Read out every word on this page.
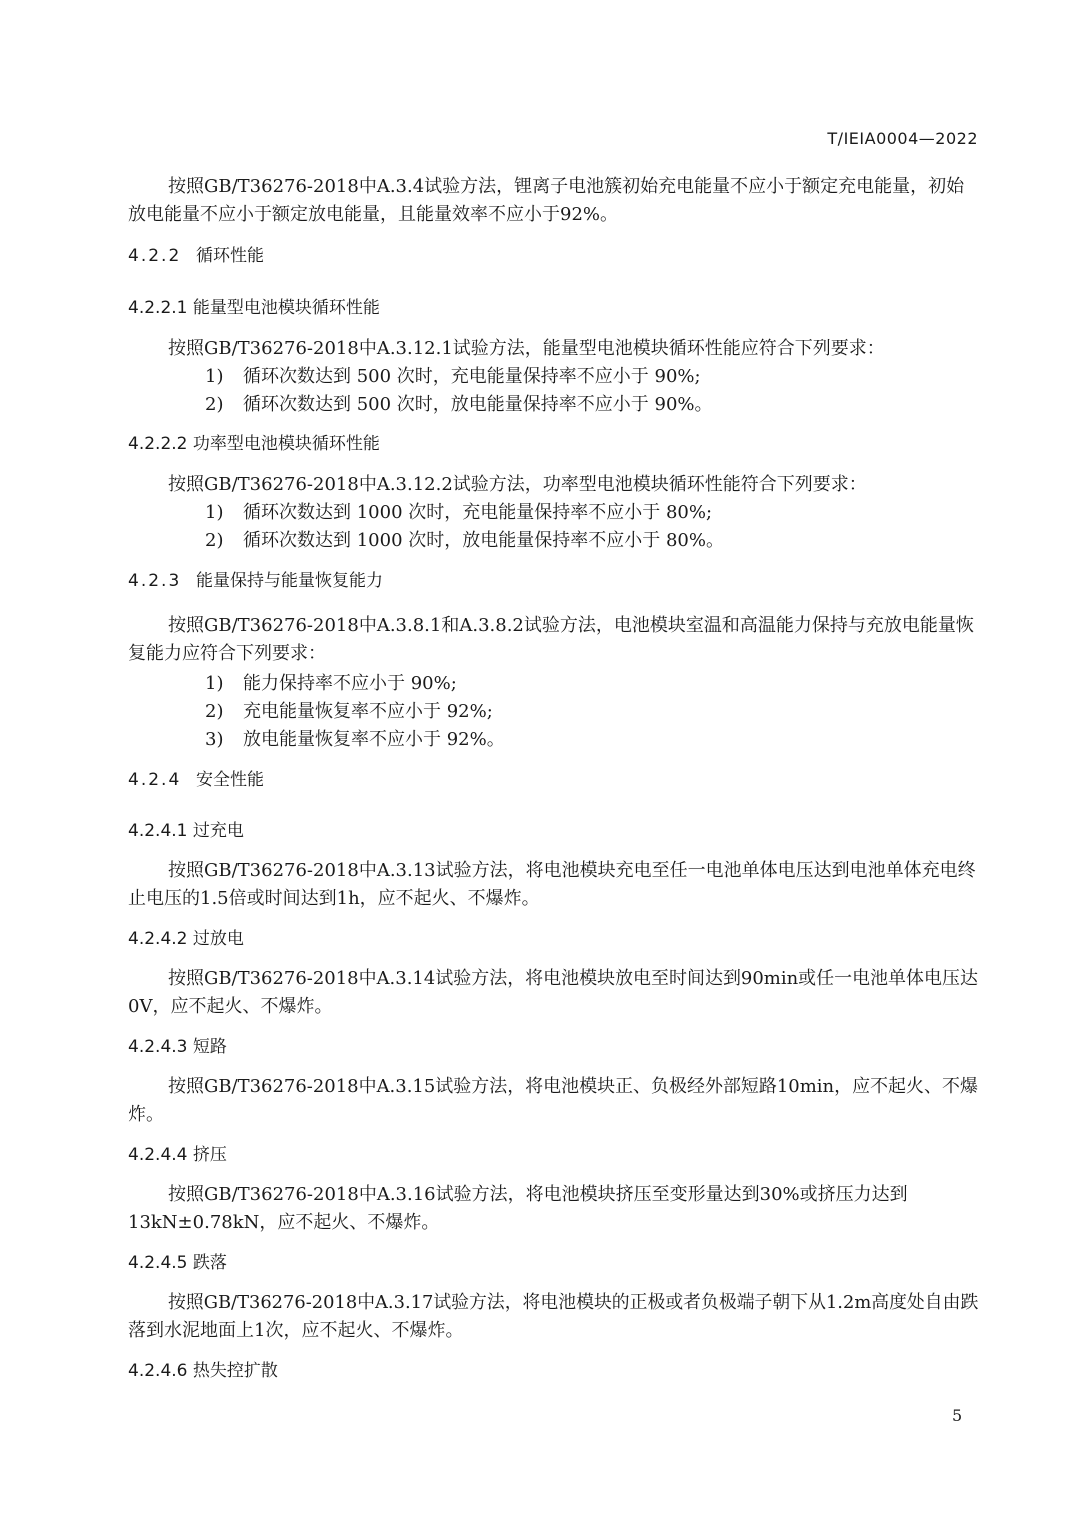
T/IEIA0004—2022
按照GB/T36276-2018中A.3.4试验方法，锂离子电池簇初始充电能量不应小于额定充电能量，初始
放电能量不应小于额定放电能量，且能量效率不应小于92%。
4.2.2 循环性能
4.2.2.1 能量型电池模块循环性能
按照GB/T36276-2018中A.3.12.1试验方法，能量型电池模块循环性能应符合下列要求：
1) 循环次数达到 500 次时，充电能量保持率不应小于 90%;
2) 循环次数达到 500 次时，放电能量保持率不应小于 90%。
4.2.2.2 功率型电池模块循环性能
按照GB/T36276-2018中A.3.12.2试验方法，功率型电池模块循环性能符合下列要求：
1) 循环次数达到 1000 次时，充电能量保持率不应小于 80%;
2) 循环次数达到 1000 次时，放电能量保持率不应小于 80%。
4.2.3 能量保持与能量恢复能力
按照GB/T36276-2018中A.3.8.1和A.3.8.2试验方法，电池模块室温和高温能力保持与充放电能量恢
复能力应符合下列要求：
1) 能力保持率不应小于 90%;
2) 充电能量恢复率不应小于 92%;
3) 放电能量恢复率不应小于 92%。
4.2.4 安全性能
4.2.4.1 过充电
按照GB/T36276-2018中A.3.13试验方法，将电池模块充电至任一电池单体电压达到电池单体充电终
止电压的1.5倍或时间达到1h，应不起火、不爆炸。
4.2.4.2 过放电
按照GB/T36276-2018中A.3.14试验方法，将电池模块放电至时间达到90min或任一电池单体电压达
0V，应不起火、不爆炸。
4.2.4.3 短路
按照GB/T36276-2018中A.3.15试验方法，将电池模块正、负极经外部短路10min，应不起火、不爆
炸。
4.2.4.4 挤压
按照GB/T36276-2018中A.3.16试验方法，将电池模块挤压至变形量达到30%或挤压力达到
13kN±0.78kN，应不起火、不爆炸。
4.2.4.5 跌落
按照GB/T36276-2018中A.3.17试验方法，将电池模块的正极或者负极端子朝下从1.2m高度处自由跌
落到水泥地面上1次，应不起火、不爆炸。
4.2.4.6 热失控扩散
5
